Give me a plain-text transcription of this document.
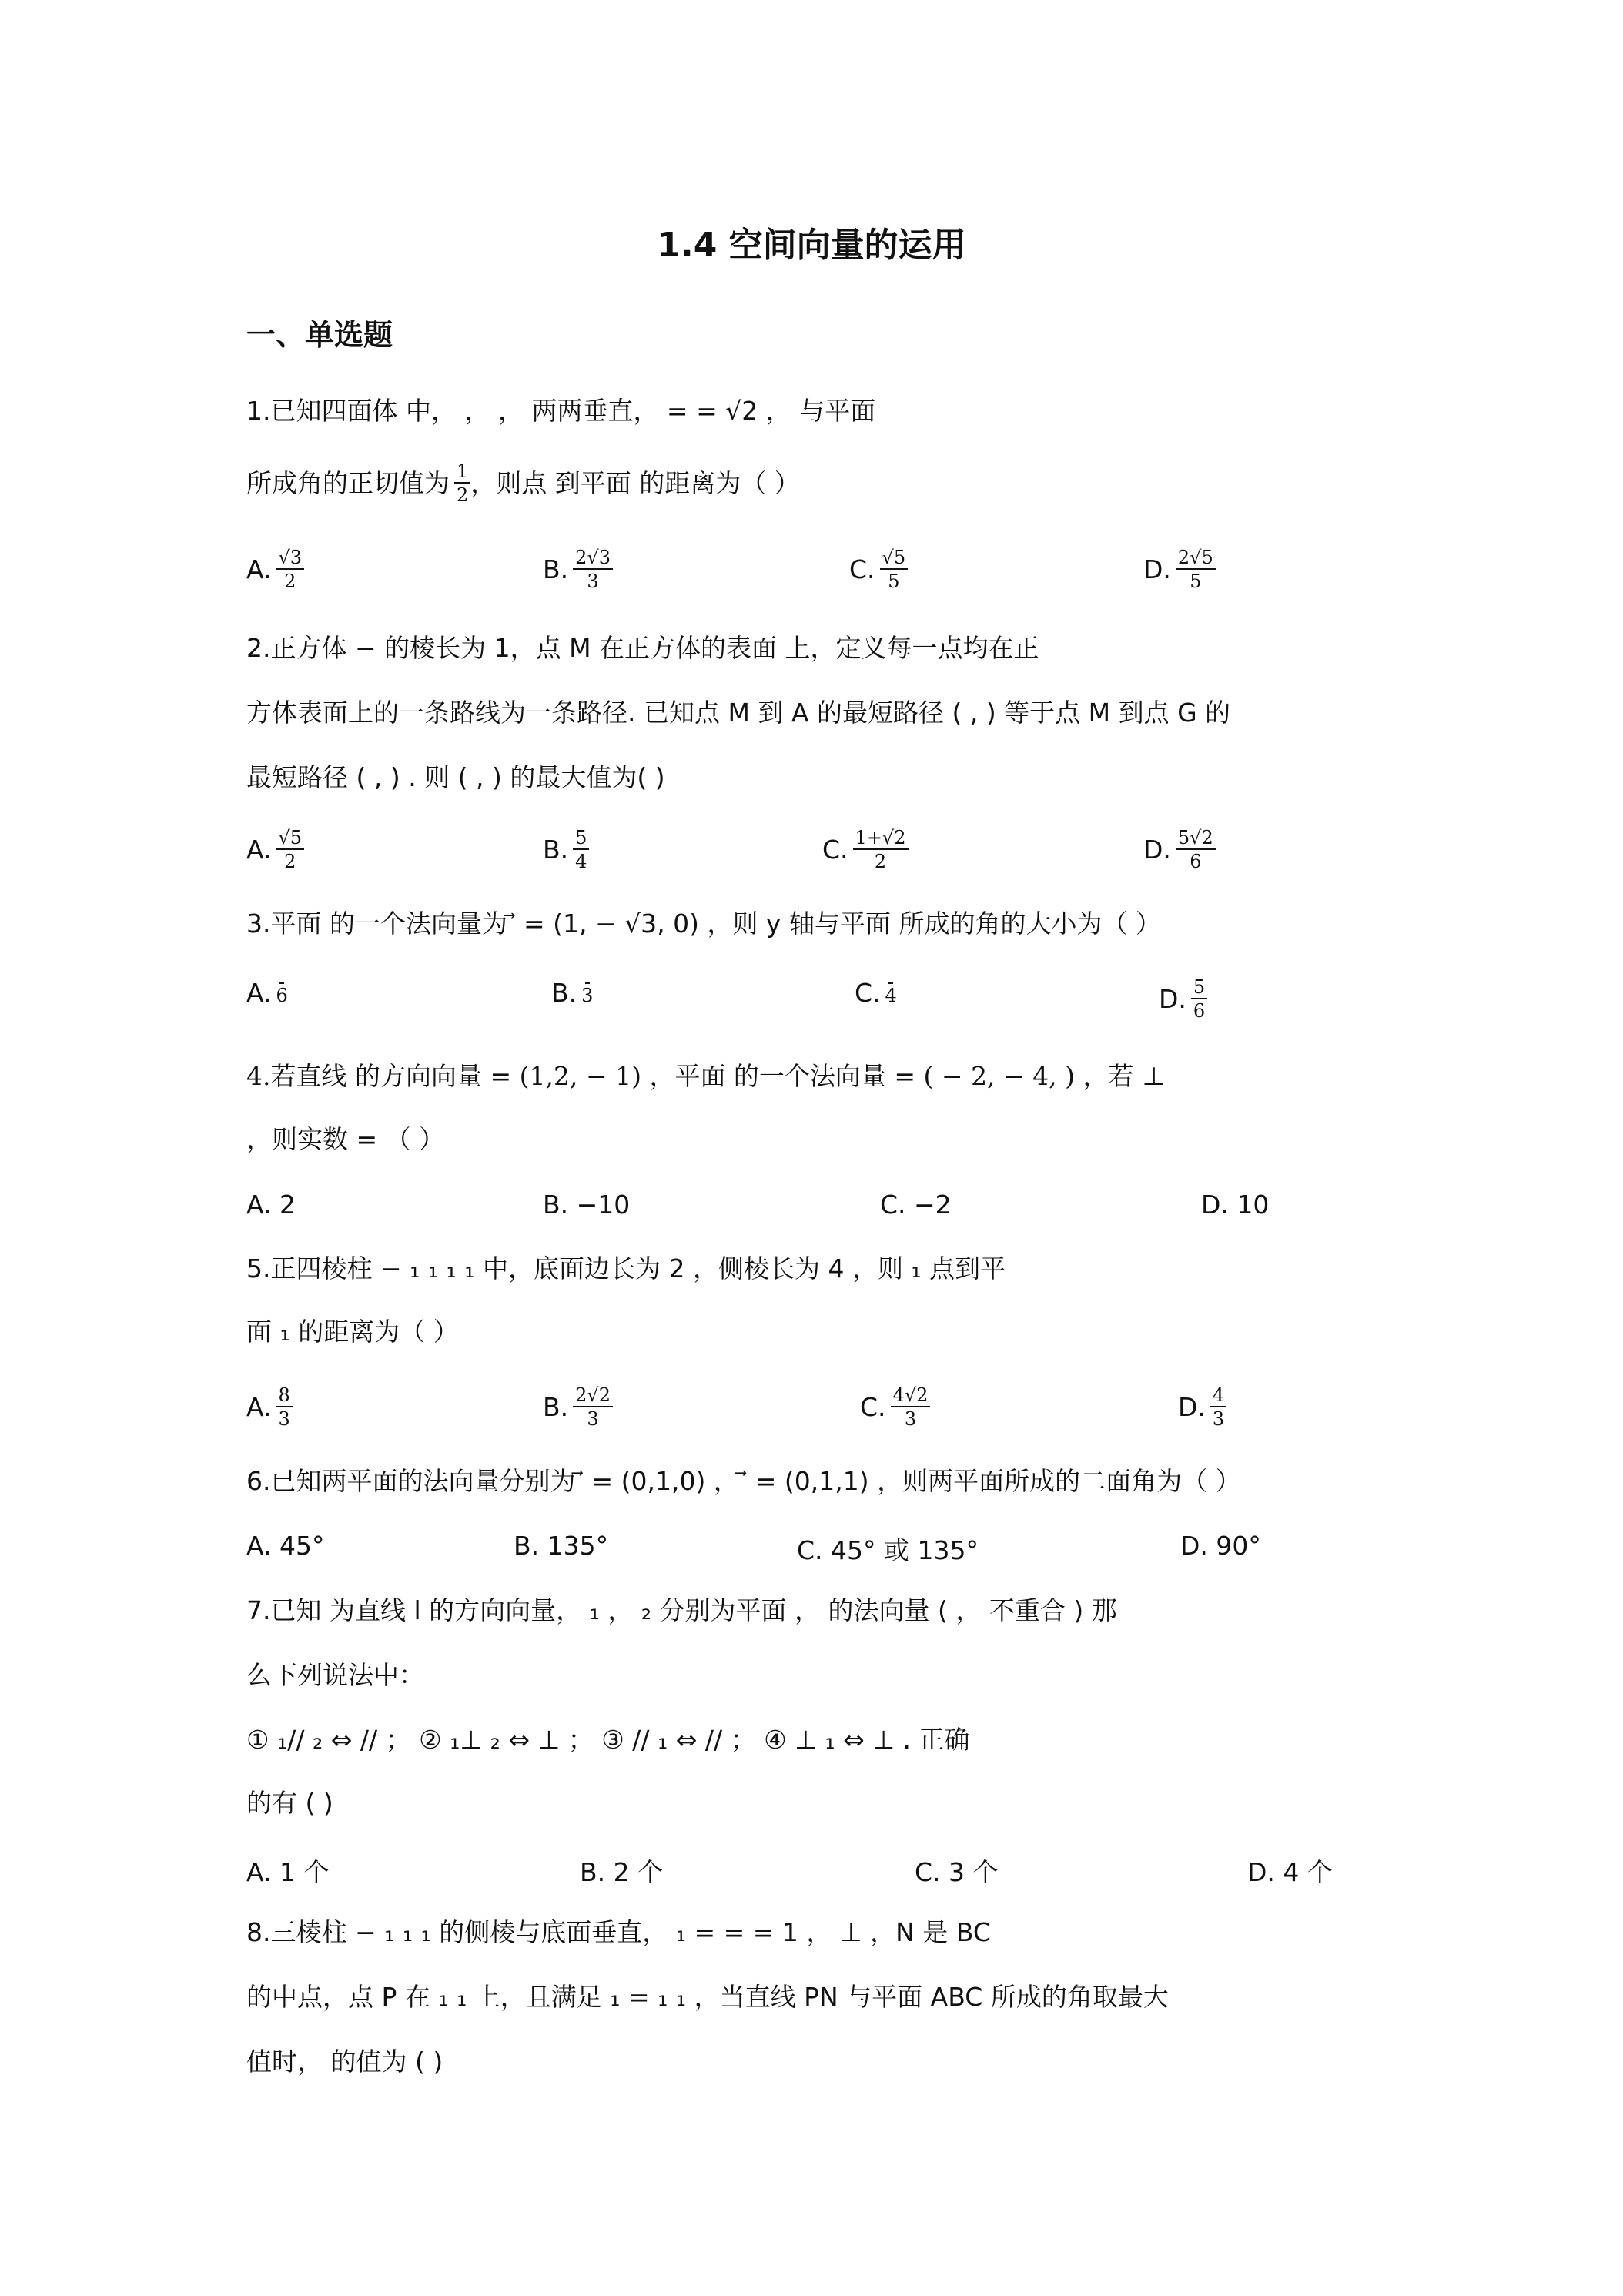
1.4 空间向量的运用
一、单选题
1.已知四面体 中， ， ， 两两垂直， = = √2 ， 与平面
所成角的正切值为 $\frac{1}{2}$ ，则点 到平面 的距离为（ ）
A. $\frac{√3}{2}$	B. $\frac{2√3}{3}$	C. $\frac{√5}{5}$	D. $\frac{2√5}{5}$
2.正方体 − 的棱长为 1，点 M 在正方体的表面 上，定义每一点均在正
方体表面上的一条路线为一条路径. 已知点 M 到 A 的最短路径 ( , ) 等于点 M 到点 G 的
最短路径 ( , ) . 则 ( , ) 的最大值为( )
A. $\frac{√5}{2}$	B. $\frac{5}{4}$	C. $\frac{1+√2}{2}$	D. $\frac{5√2}{6}$
3.平面 的一个法向量为 ⃗ = (1, − √3, 0) ，则 y 轴与平面 所成的角的大小为（ ）
A. 6	B. 3	C. 4	D. $\frac{5}{6}$
4.若直线 的方向向量 = (1,2, − 1) ，平面 的一个法向量 = ( − 2, − 4, ) ，若 ⊥
，则实数 = （ ）
A. 2	B. −10	C. −2	D. 10
5.正四棱柱 − ₁ ₁ ₁ ₁ 中，底面边长为 2 ，侧棱长为 4 ，则 ₁ 点到平
面 ₁ 的距离为（ ）
A. $\frac{8}{3}$	B. $\frac{2√2}{3}$	C. $\frac{4√2}{3}$	D. $\frac{4}{3}$
6.已知两平面的法向量分别为 ⃗ = (0,1,0) ， ⃗ = (0,1,1) ，则两平面所成的二面角为（ ）
A. 45°	B. 135°	C. 45° 或 135°	D. 90°
7.已知 为直线 l 的方向向量， ₁ ， ₂ 分别为平面 ， 的法向量 ( ， 不重合 ) 那
么下列说法中：
① ₁// ₂ ⇔ // ； ② ₁⊥ ₂ ⇔ ⊥ ； ③ // ₁ ⇔ // ； ④ ⊥ ₁ ⇔ ⊥ . 正确
的有 ( )
A. 1 个	B. 2 个	C. 3 个	D. 4 个
8.三棱柱 − ₁ ₁ ₁ 的侧棱与底面垂直， ₁ = = = 1 ， ⊥ ，N 是 BC
的中点，点 P 在 ₁ ₁ 上，且满足 ₁ = ₁ ₁ ，当直线 PN 与平面 ABC 所成的角取最大
值时， 的值为 ( )
